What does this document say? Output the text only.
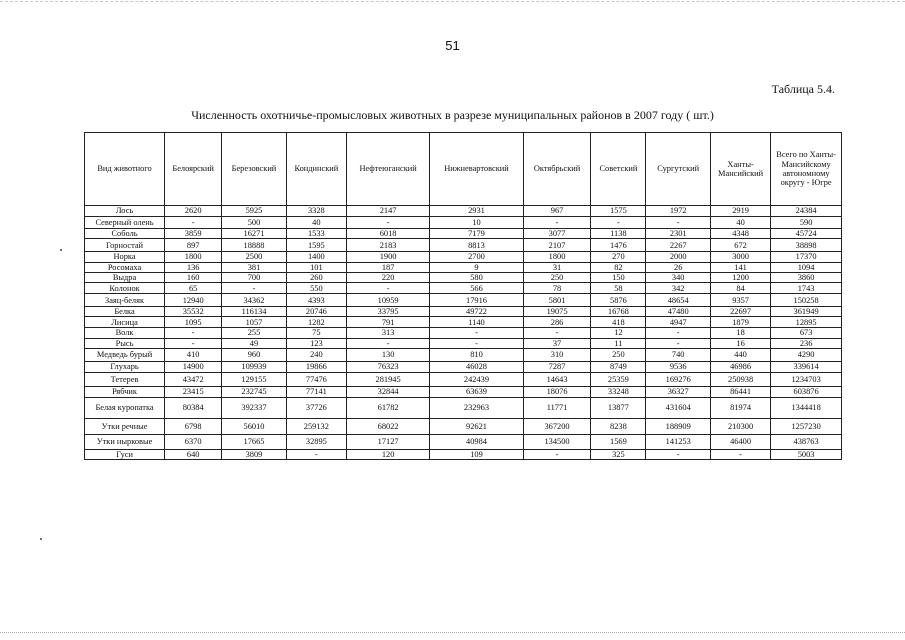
51
Таблица 5.4.
Численность охотничье-промысловых животных в разрезе муниципальных районов в 2007 году ( шт.)
Вид животного	Белоярский	Березовский	Кондинский	Нефтеюганский	Нижневартовский	Октябрьский	Советский	Сургутский	Ханты-Мансийский	Всего по Ханты-Мансийскому автономному округу - Югре
Лось	2620	5925	3328	2147	2931	967	1575	1972	2919	24384
Северный олень	-	500	40	-	10	-	-	-	40	590
Соболь	3859	16271	1533	6018	7179	3077	1138	2301	4348	45724
Горностай	897	18888	1595	2183	8813	2107	1476	2267	672	38898
Норка	1800	2500	1400	1900	2700	1800	270	2000	3000	17370
Росомаха	136	381	101	187	9	31	82	26	141	1094
Выдра	160	700	260	220	580	250	150	340	1200	3860
Колонок	65	-	550	-	566	78	58	342	84	1743
Заяц-беляк	12940	34362	4393	10959	17916	5801	5876	48654	9357	150258
Белка	35532	116134	20746	33795	49722	19075	16768	47480	22697	361949
Лисица	1095	1057	1282	791	1140	286	418	4947	1879	12895
Волк	-	255	75	313	-	-	12	-	18	673
Рысь	-	49	123	-	-	37	11	-	16	236
Медведь бурый	410	960	240	130	810	310	250	740	440	4290
Глухарь	14900	109939	19866	76323	46028	7287	8749	9536	46986	339614
Тетерев	43472	129155	77476	281945	242439	14643	25359	169276	250938	1234703
Рябчик	23415	232745	77141	32844	63639	18076	33248	36327	86441	603876
Белая куропатка	80384	392337	37726	61782	232963	11771	13877	431604	81974	1344418
Утки речные	6798	56010	259132	68022	92621	367200	8238	188909	210300	1257230
Утки нырковые	6370	17665	32895	17127	40984	134500	1569	141253	46400	438763
Гуси	640	3809	-	120	109	-	325	-	-	5003
